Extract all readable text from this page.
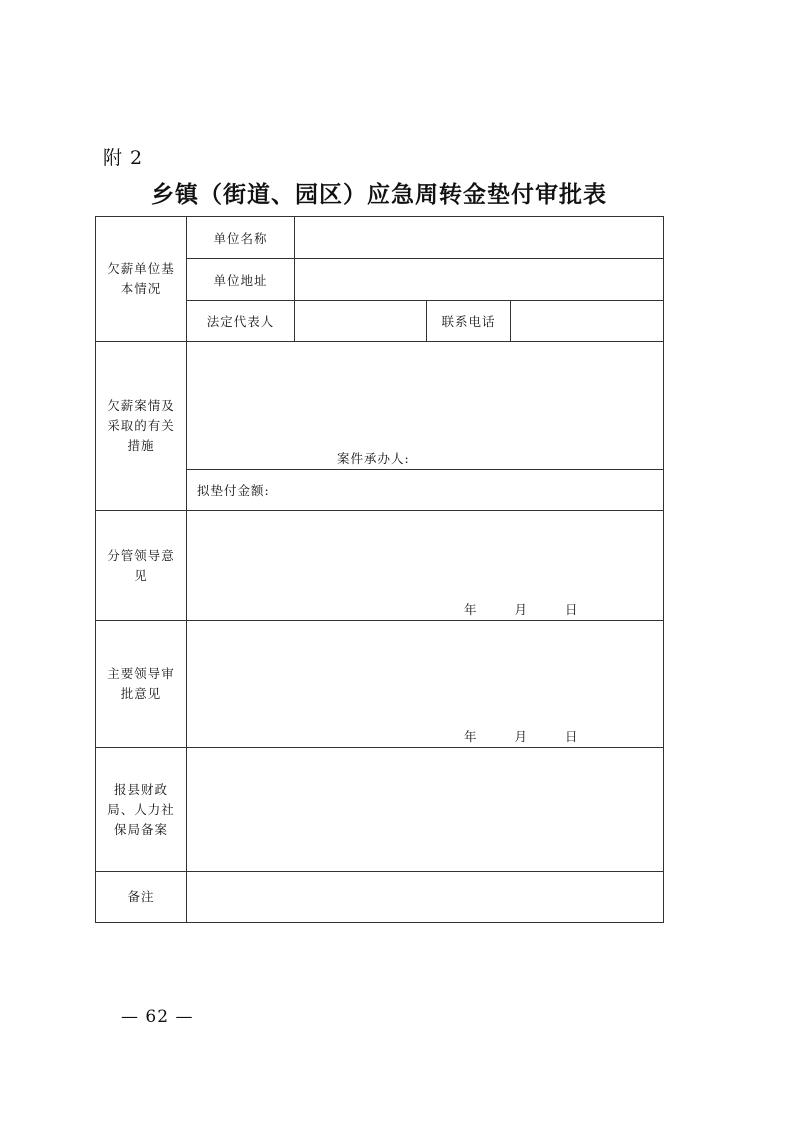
附 2
乡镇（街道、园区）应急周转金垫付审批表
欠薪单位基本情况	单位名称			
	单位地址			
	法定代表人		联系电话	
欠薪案情及采取的有关措施	案件承办人:			

	拟垫付金额:			
分管领导意见	年 月 日			

主要领导审批意见	年 月 日			

报县财政局、人力社保局备案				
备注				
— 62 —
